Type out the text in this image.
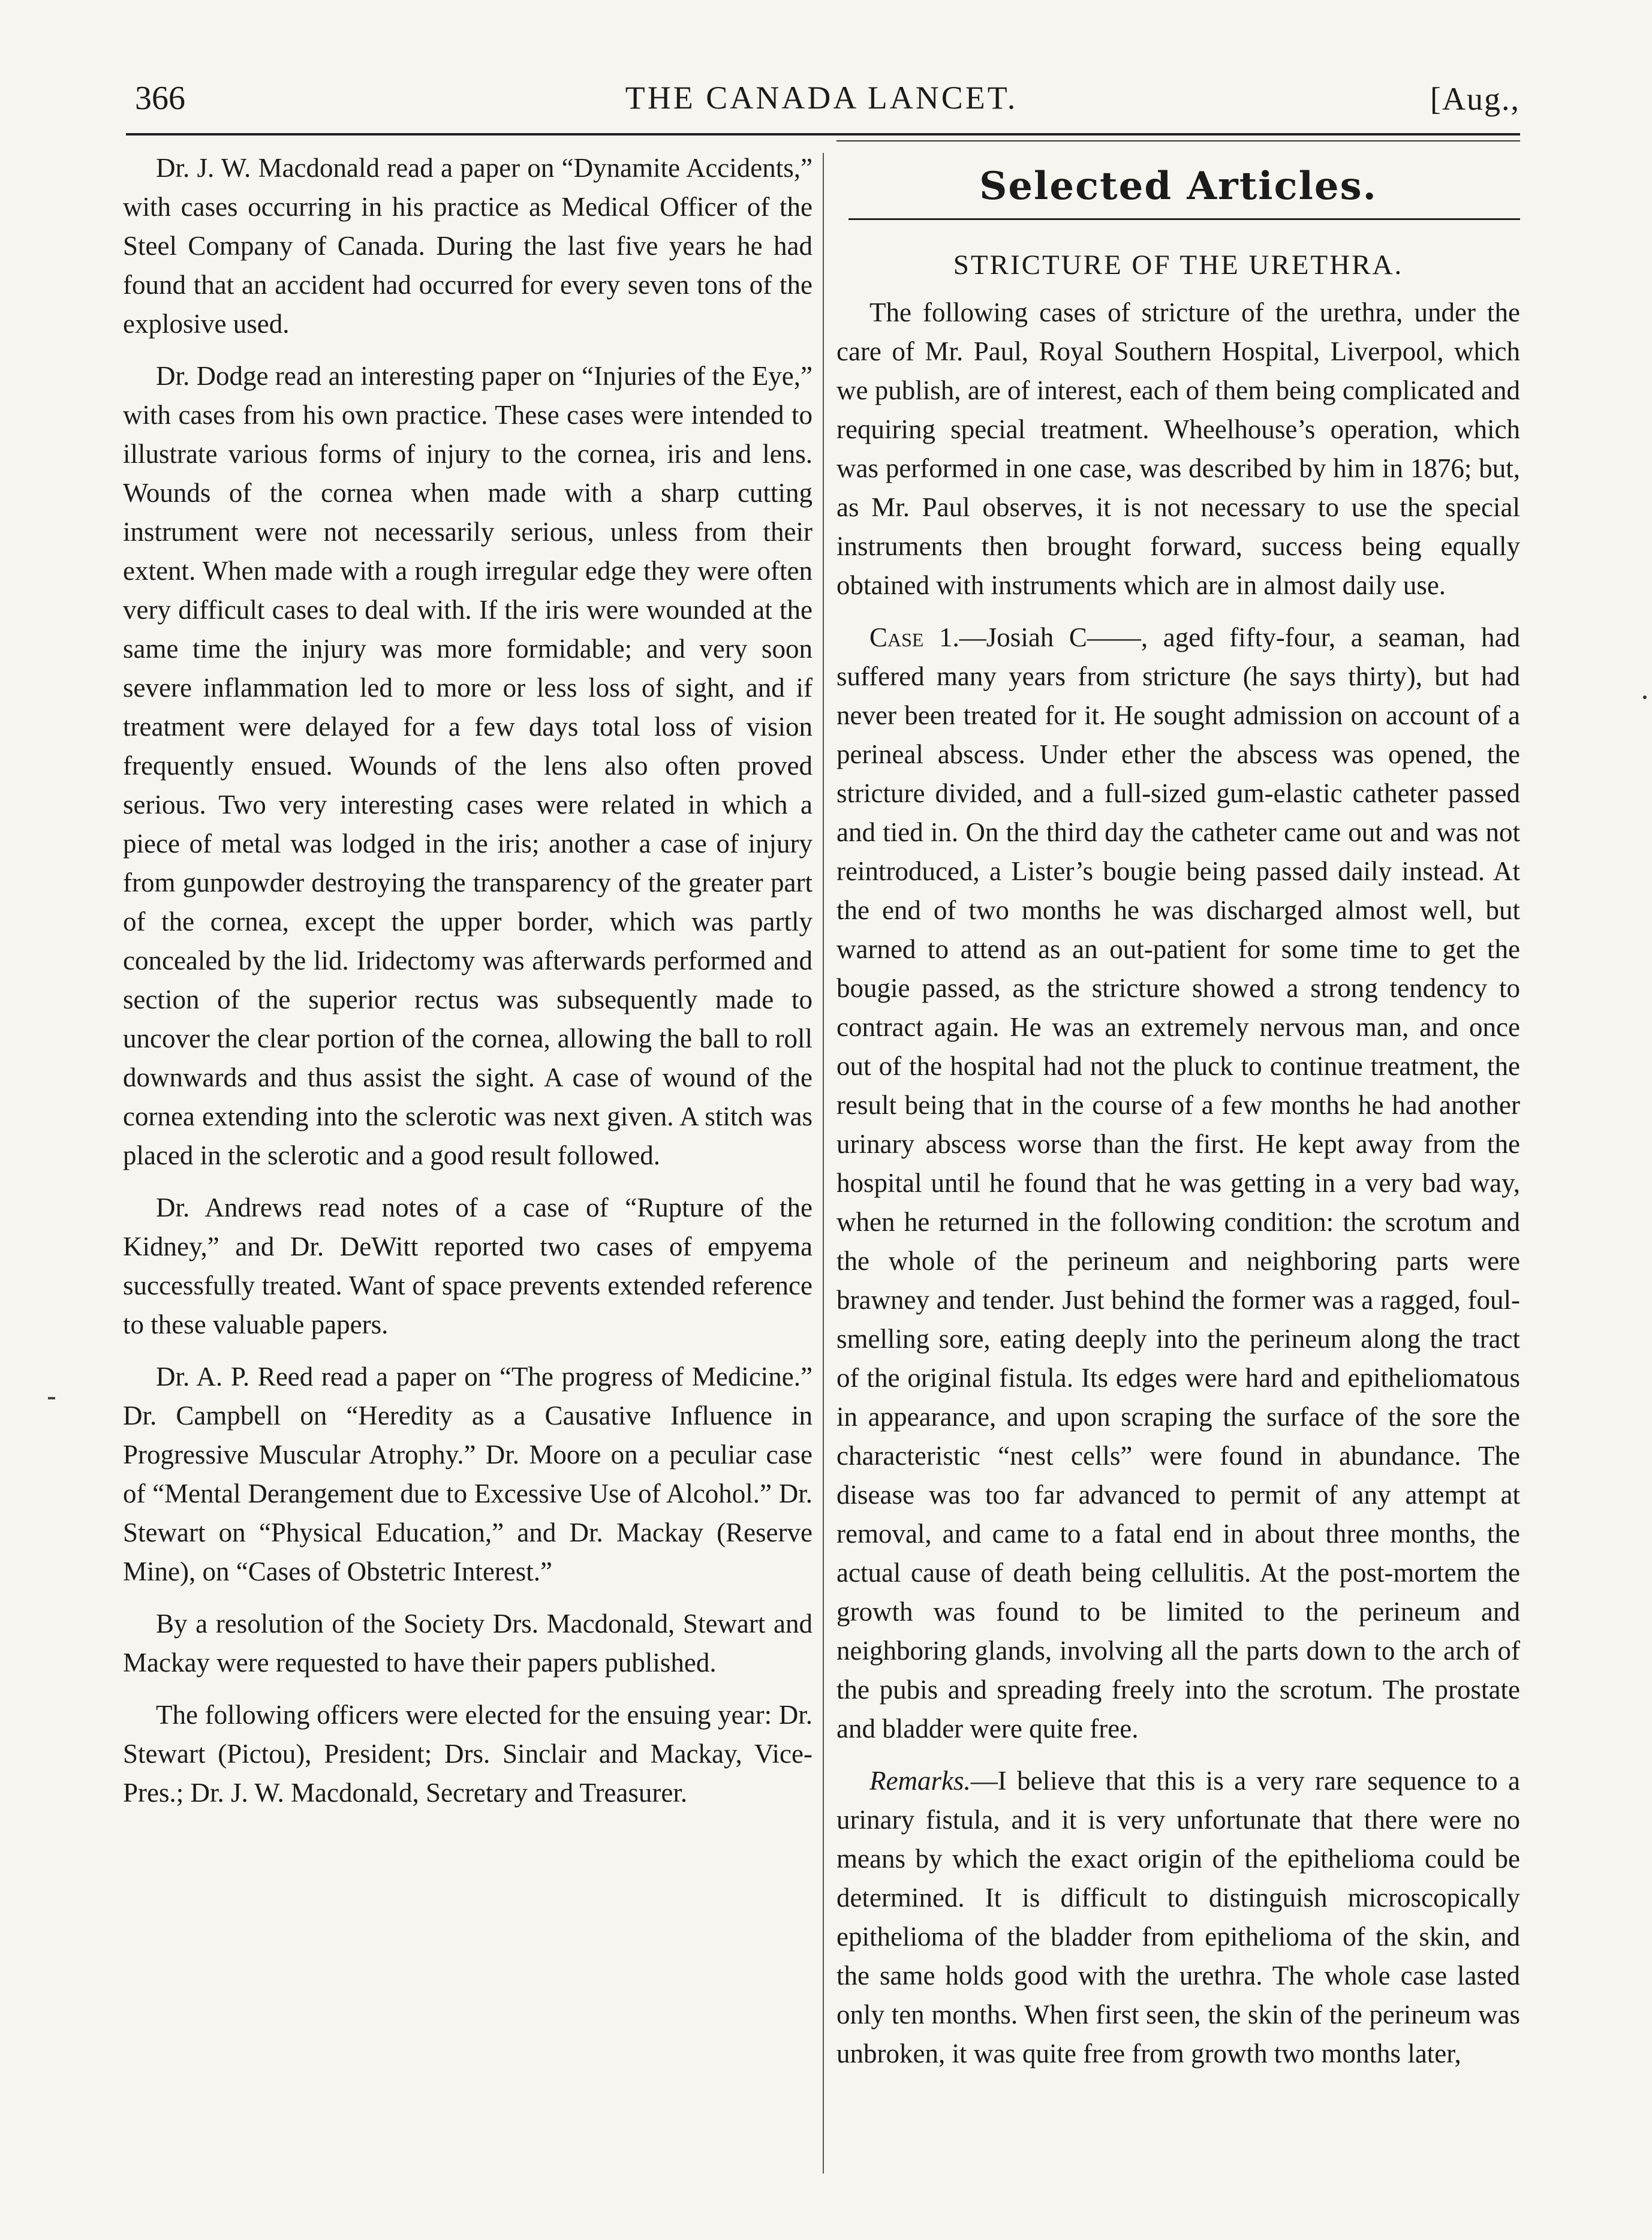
366	THE CANADA LANCET.	[Aug.,

Dr. J. W. Macdonald read a paper on “Dynamite Accidents,” with cases occurring in his practice as Medical Officer of the Steel Company of Canada. During the last five years he had found that an accident had occurred for every seven tons of the explosive used.

Dr. Dodge read an interesting paper on “Injuries of the Eye,” with cases from his own practice. These cases were intended to illustrate various forms of injury to the cornea, iris and lens. Wounds of the cornea when made with a sharp cutting instrument were not necessarily serious, unless from their extent. When made with a rough irregular edge they were often very difficult cases to deal with. If the iris were wounded at the same time the injury was more formidable; and very soon severe inflammation led to more or less loss of sight, and if treatment were delayed for a few days total loss of vision frequently ensued. Wounds of the lens also often proved serious. Two very interesting cases were related in which a piece of metal was lodged in the iris; another a case of injury from gunpowder destroying the transparency of the greater part of the cornea, except the upper border, which was partly concealed by the lid. Iridectomy was afterwards performed and section of the superior rectus was subsequently made to uncover the clear portion of the cornea, allowing the ball to roll downwards and thus assist the sight. A case of wound of the cornea extending into the sclerotic was next given. A stitch was placed in the sclerotic and a good result followed.

Dr. Andrews read notes of a case of “Rupture of the Kidney,” and Dr. DeWitt reported two cases of empyema successfully treated. Want of space prevents extended reference to these valuable papers.

Dr. A. P. Reed read a paper on “The progress of Medicine.” Dr. Campbell on “Heredity as a Causative Influence in Progressive Muscular Atrophy.” Dr. Moore on a peculiar case of “Mental Derangement due to Excessive Use of Alcohol.” Dr. Stewart on “Physical Education,” and Dr. Mackay (Reserve Mine), on “Cases of Obstetric Interest.”

By a resolution of the Society Drs. Macdonald, Stewart and Mackay were requested to have their papers published.

The following officers were elected for the ensuing year: Dr. Stewart (Pictou), President; Drs. Sinclair and Mackay, Vice-Pres.; Dr. J. W. Macdonald, Secretary and Treasurer.

Selected Articles.
STRICTURE OF THE URETHRA.

The following cases of stricture of the urethra, under the care of Mr. Paul, Royal Southern Hospital, Liverpool, which we publish, are of interest, each of them being complicated and requiring special treatment. Wheelhouse’s operation, which was performed in one case, was described by him in 1876; but, as Mr. Paul observes, it is not necessary to use the special instruments then brought forward, success being equally obtained with instruments which are in almost daily use.

Case 1.—Josiah C——, aged fifty-four, a seaman, had suffered many years from stricture (he says thirty), but had never been treated for it. He sought admission on account of a perineal abscess. Under ether the abscess was opened, the stricture divided, and a full-sized gum-elastic catheter passed and tied in. On the third day the catheter came out and was not reintroduced, a Lister’s bougie being passed daily instead. At the end of two months he was discharged almost well, but warned to attend as an out-patient for some time to get the bougie passed, as the stricture showed a strong tendency to contract again. He was an extremely nervous man, and once out of the hospital had not the pluck to continue treatment, the result being that in the course of a few months he had another urinary abscess worse than the first. He kept away from the hospital until he found that he was getting in a very bad way, when he returned in the following condition: the scrotum and the whole of the perineum and neighboring parts were brawney and tender. Just behind the former was a ragged, foul-smelling sore, eating deeply into the perineum along the tract of the original fistula. Its edges were hard and epitheliomatous in appearance, and upon scraping the surface of the sore the characteristic “nest cells” were found in abundance. The disease was too far advanced to permit of any attempt at removal, and came to a fatal end in about three months, the actual cause of death being cellulitis. At the post-mortem the growth was found to be limited to the perineum and neighboring glands, involving all the parts down to the arch of the pubis and spreading freely into the scrotum. The prostate and bladder were quite free.

Remarks.—I believe that this is a very rare sequence to a urinary fistula, and it is very unfortunate that there were no means by which the exact origin of the epithelioma could be determined. It is difficult to distinguish microscopically epithelioma of the bladder from epithelioma of the skin, and the same holds good with the urethra. The whole case lasted only ten months. When first seen, the skin of the perineum was unbroken, it was quite free from growth two months later,
